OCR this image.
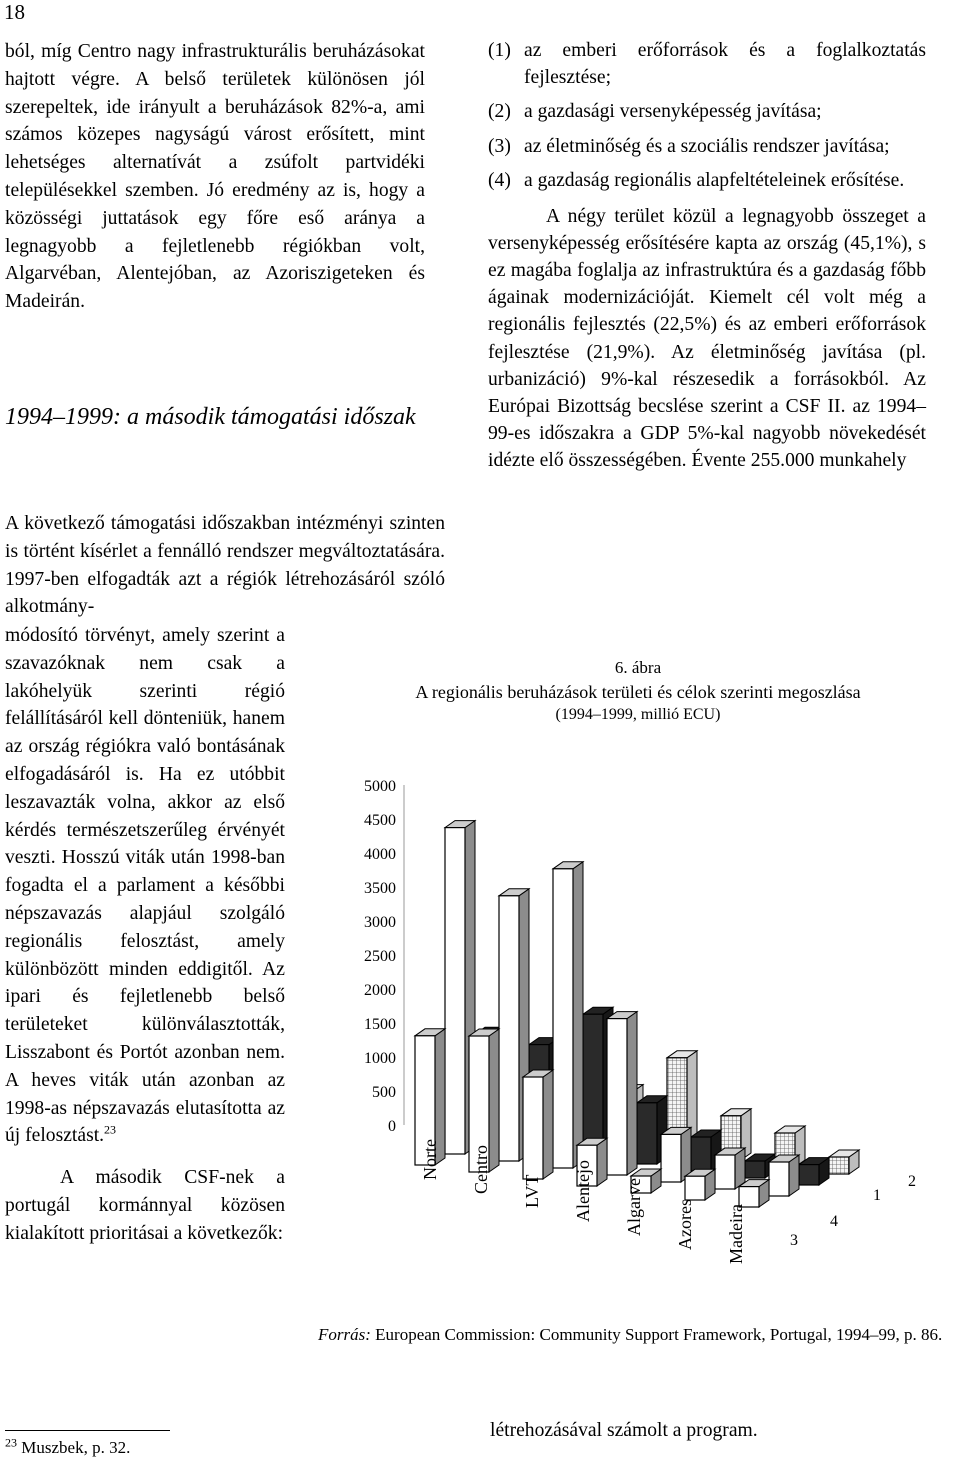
18

ból, míg Centro nagy infrastrukturális beruházásokat hajtott végre. A belső területek különösen jól szerepeltek, ide irányult a beruházások 82%-a, ami számos közepes nagyságú várost erősített, mint lehetséges alternatívát a zsúfolt partvidéki településekkel szemben. Jó eredmény az is, hogy a közösségi juttatások egy főre eső aránya a legnagyobb a fejletlenebb régiókban volt, Algarvéban, Alentejóban, az Azoriszigeteken és Madeirán.

1994–1999: a második támogatási időszak

A következő támogatási időszakban intézményi szinten is történt kísérlet a fennálló rendszer megváltoztatására. 1997-ben elfogadták azt a régiók létrehozásáról szóló alkotmány-

módosító törvényt, amely szerint a szavazóknak nem csak a lakóhelyük szerinti régió felállításáról kell dönteniük, hanem az ország régiókra való bontásának elfogadásáról is. Ha ez utóbbit leszavazták volna, akkor az első kérdés természetszerűleg érvényét veszti. Hosszú viták után 1998-ban fogadta el a parlament a későbbi népszavazás alapjául szolgáló regionális felosztást, amely különbözött minden eddigitől. Az ipari és fejletlenebb belső területeket különválasztották, Lisszabont és Portót azonban nem. A heves viták után azonban az 1998-as népszavazás elutasította az új felosztást.$^{23}$

A második CSF-nek a portugál kormánnyal közösen kialakított prioritásai a következők:

(1) az emberi erőforrások és a foglalkoztatás fejlesztése;
(2) a gazdasági versenyképesség javítása;
(3) az életminőség és a szociális rendszer javítása;
(4) a gazdaság regionális alapfeltételeinek erősítése.

A négy terület közül a legnagyobb összeget a versenyképesség erősítésére kapta az ország (45,1%), s ez magába foglalja az infrastruktúra és a gazdaság főbb ágainak modernizációját. Kiemelt cél volt még a regionális fejlesztés (22,5%) és az emberi erőforrások fejlesztése (21,9%). Az életminőség javítása (pl. urbanizáció) 9%-kal részesedik a forrásokból. Az Európai Bizottság becslése szerint a CSF II. az 1994–99-es időszakra a GDP 5%-kal nagyobb növekedését idézte elő összességében. Évente 255.000 munkahely

6. ábra
A regionális beruházások területi és célok szerinti megoszlása
(1994–1999, millió ECU)
0
500
1000
1500
2000
2500
3000
3500
4000
4500
5000
Norte Centro LVT Alentejo Algarve Azores Madeira	3
4
1
2
Forrás: European Commission: Community Support Framework, Portugal, 1994–99, p. 86.
létrehozásával számolt a program.
$^{23}$ Muszbek, p. 32.
